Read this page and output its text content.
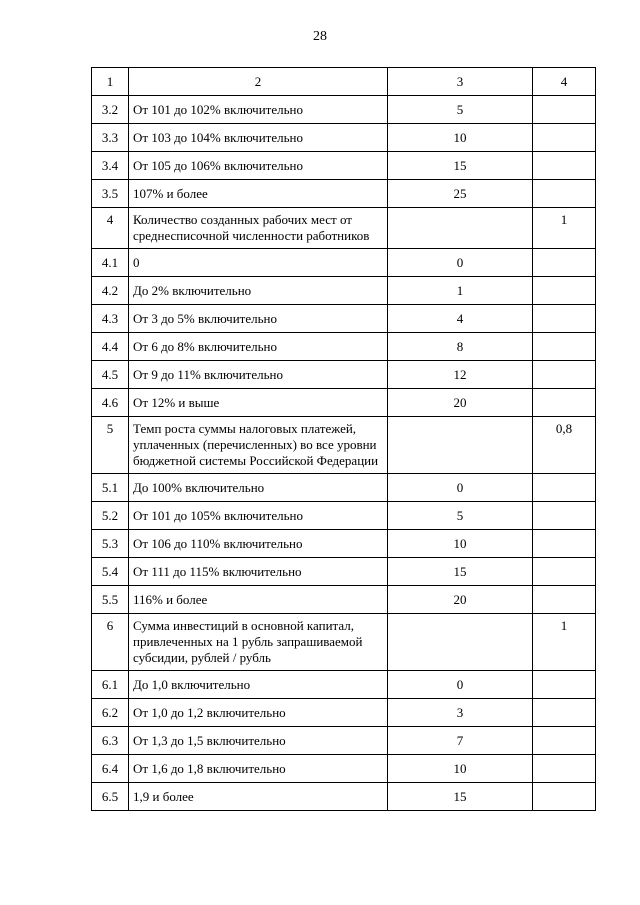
28
1	2	3	4
3.2	От 101 до 102% включительно	5	
3.3	От 103 до 104% включительно	10	
3.4	От 105 до 106% включительно	15	
3.5	107% и более	25	
4	Количество созданных рабочих мест от среднесписочной численности работников		1
4.1	0	0	
4.2	До 2% включительно	1	
4.3	От 3 до 5% включительно	4	
4.4	От 6 до 8% включительно	8	
4.5	От 9 до 11% включительно	12	
4.6	От 12% и выше	20	
5	Темп роста суммы налоговых платежей, уплаченных (перечисленных) во все уровни бюджетной системы Российской Федерации		0,8
5.1	До 100% включительно	0	
5.2	От 101 до 105% включительно	5	
5.3	От 106 до 110% включительно	10	
5.4	От 111 до 115% включительно	15	
5.5	116% и более	20	
6	Сумма инвестиций в основной капитал, привлеченных на 1 рубль запрашиваемой субсидии, рублей / рубль		1
6.1	До 1,0 включительно	0	
6.2	От 1,0 до 1,2 включительно	3	
6.3	От 1,3 до 1,5 включительно	7	
6.4	От 1,6 до 1,8 включительно	10	
6.5	1,9 и более	15	
